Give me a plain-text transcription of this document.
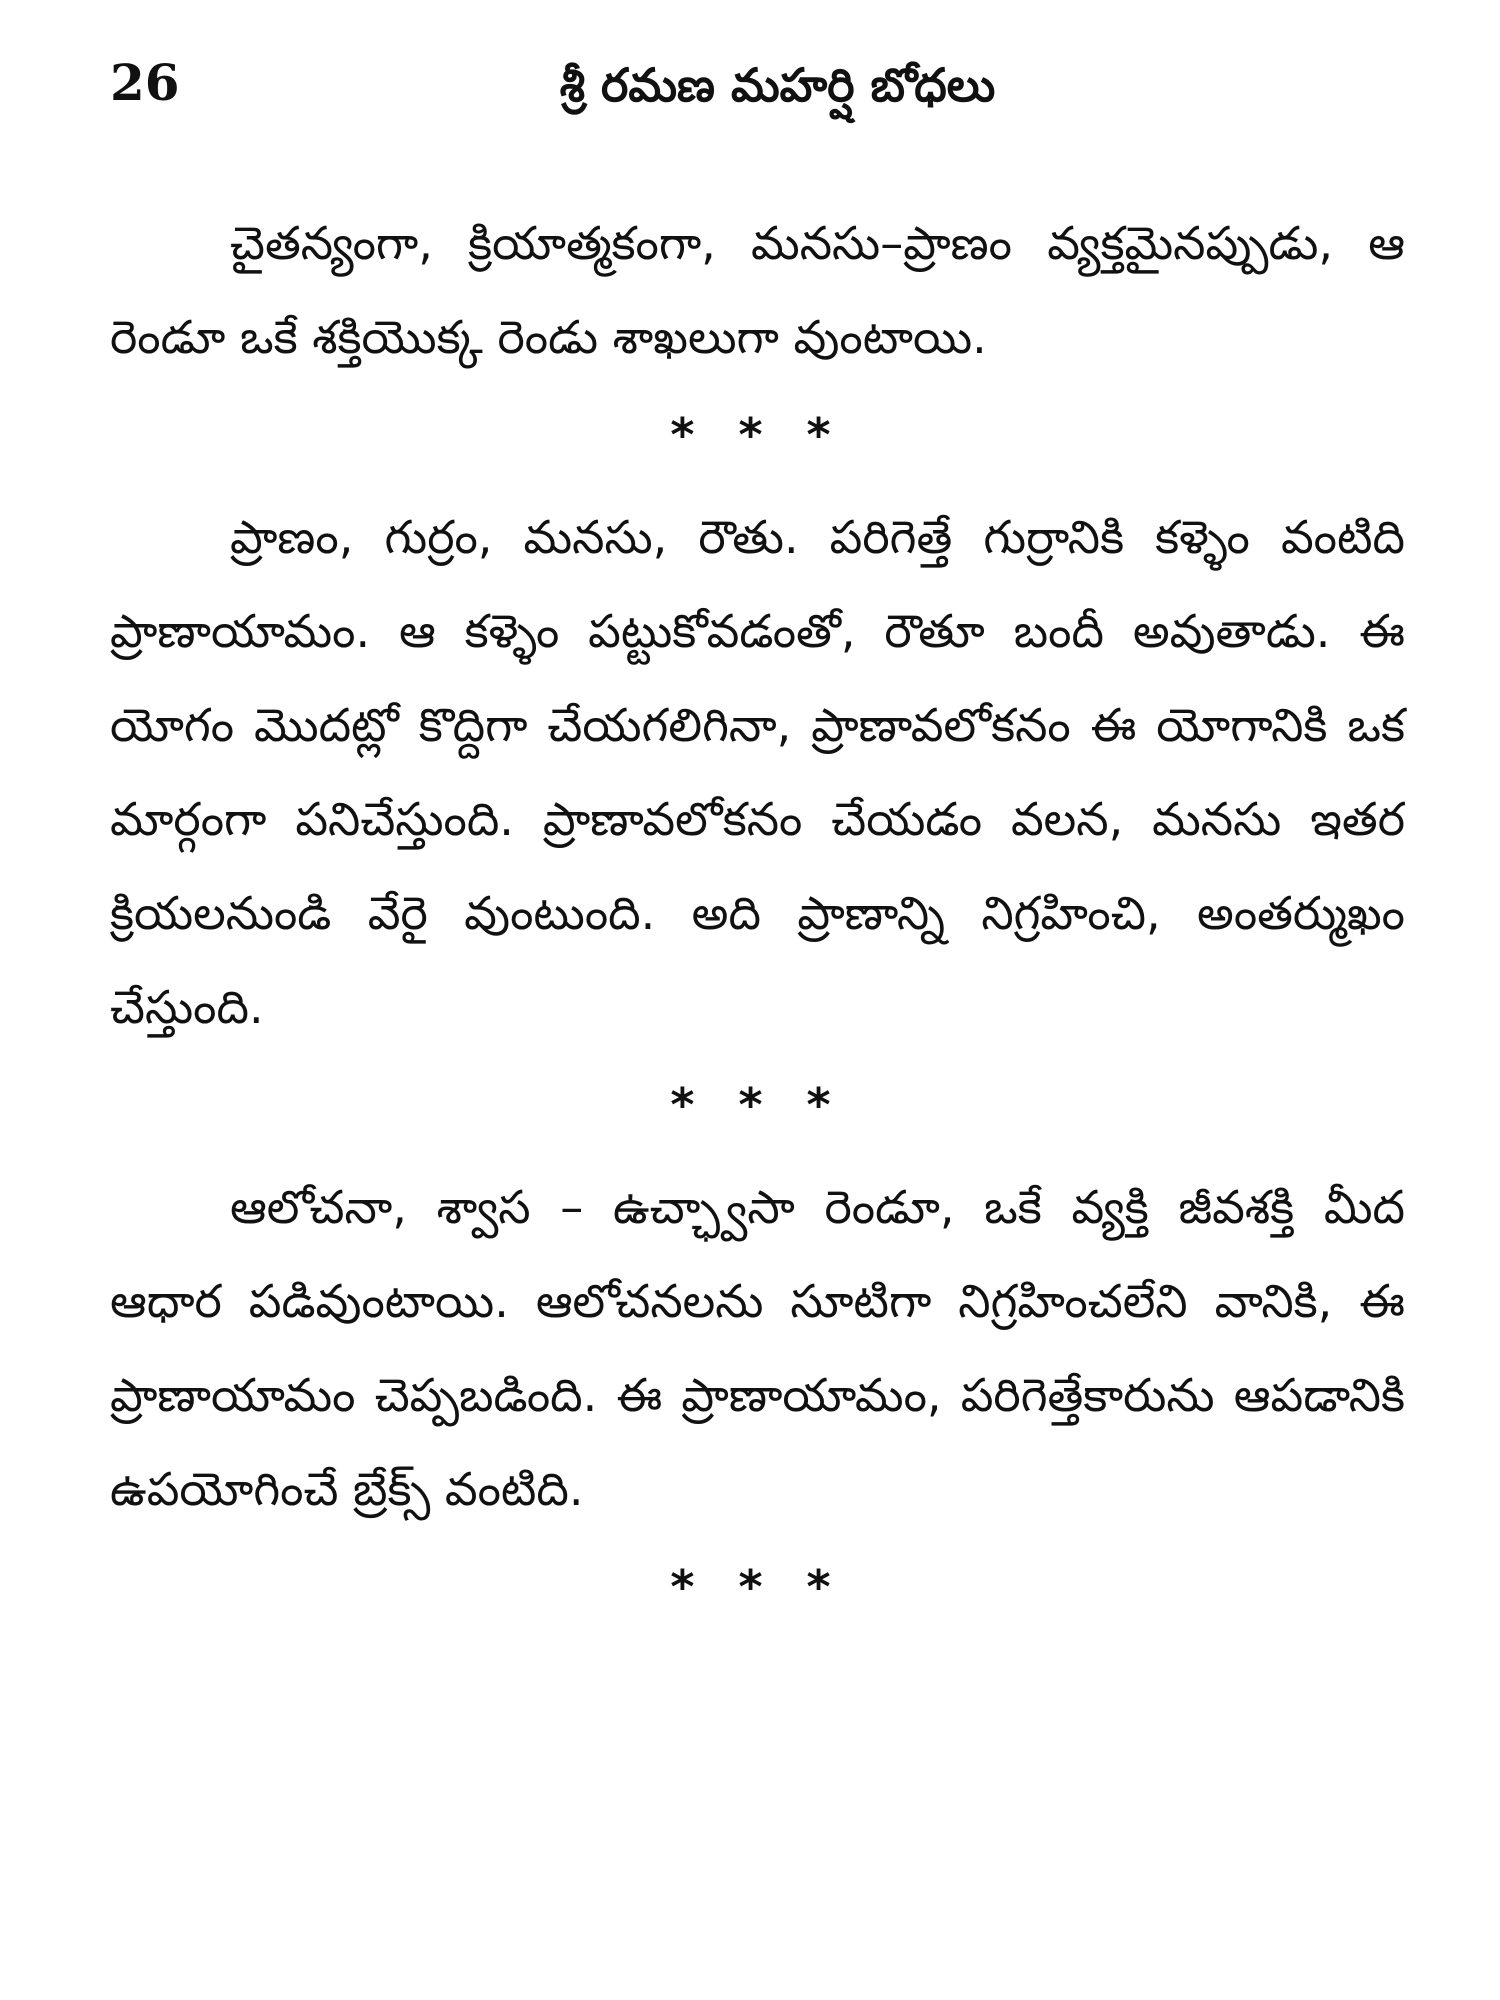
26	శ్రీ రమణ మహర్షి బోధలు

చైతన్యంగా, క్రియాత్మకంగా, మనసు–ప్రాణం వ్యక్తమైనప్పుడు, ఆ రెండూ ఒకే శక్తియొక్క రెండు శాఖలుగా వుంటాయి.

* * *

ప్రాణం, గుర్రం, మనసు, రౌతు. పరిగెత్తే గుర్రానికి కళ్ళెం వంటిది ప్రాణాయామం. ఆ కళ్ళెం పట్టుకోవడంతో, రౌతూ బందీ అవుతాడు. ఈ యోగం మొదట్లో కొద్దిగా చేయగలిగినా, ప్రాణావలోకనం ఈ యోగానికి ఒక మార్గంగా పనిచేస్తుంది. ప్రాణావలోకనం చేయడం వలన, మనసు ఇతర క్రియలనుండి వేరై వుంటుంది. అది ప్రాణాన్ని నిగ్రహించి, అంతర్ముఖం చేస్తుంది.

* * *

ఆలోచనా, శ్వాస – ఉచ్ఛ్వాసా రెండూ, ఒకే వ్యక్తి జీవశక్తి మీద ఆధార పడివుంటాయి. ఆలోచనలను సూటిగా నిగ్రహించలేని వానికి, ఈ ప్రాణాయామం చెప్పబడింది. ఈ ప్రాణాయామం, పరిగెత్తేకారును ఆపడానికి ఉపయోగించే బ్రేక్స్ వంటిది.

* * *
